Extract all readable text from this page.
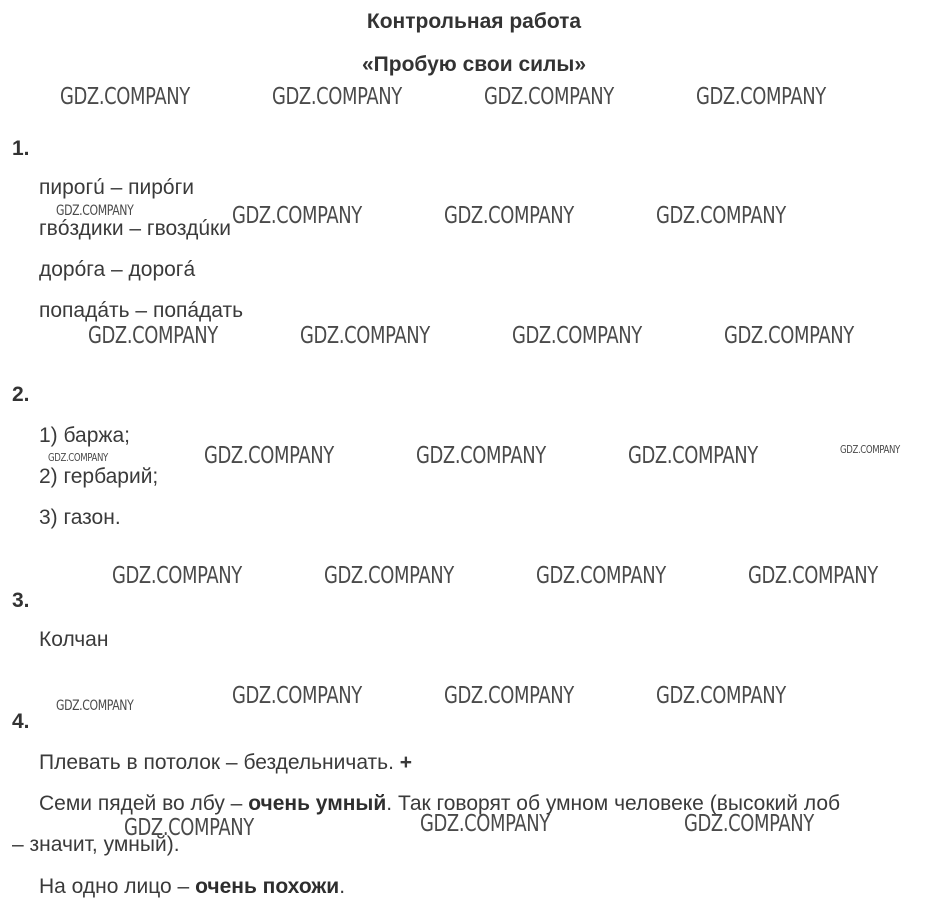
Контрольная работа
«Пробую свои силы»
1.
пирогú – пирóги
гвóздики – гвоздúки
дорóга – дорогá
попадáть – попáдать
2.
1) баржа;
2) гербарий;
3) газон.
3.
Колчан
4.
Плевать в потолок – бездельничать. +
Семи пядей во лбу – очень умный. Так говорят об умном человеке (высокий лоб
– значит, умный).
На одно лицо – очень похожи.
GDZ.COMPANY	GDZ.COMPANY	GDZ.COMPANY	GDZ.COMPANY
GDZ.COMPANY	GDZ.COMPANY	GDZ.COMPANY	GDZ.COMPANY
GDZ.COMPANY	GDZ.COMPANY	GDZ.COMPANY	GDZ.COMPANY
GDZ.COMPANY	GDZ.COMPANY	GDZ.COMPANY	GDZ.COMPANY	GDZ.COMPANY
GDZ.COMPANY	GDZ.COMPANY	GDZ.COMPANY	GDZ.COMPANY
GDZ.COMPANY	GDZ.COMPANY	GDZ.COMPANY	GDZ.COMPANY
GDZ.COMPANY	GDZ.COMPANY	GDZ.COMPANY
